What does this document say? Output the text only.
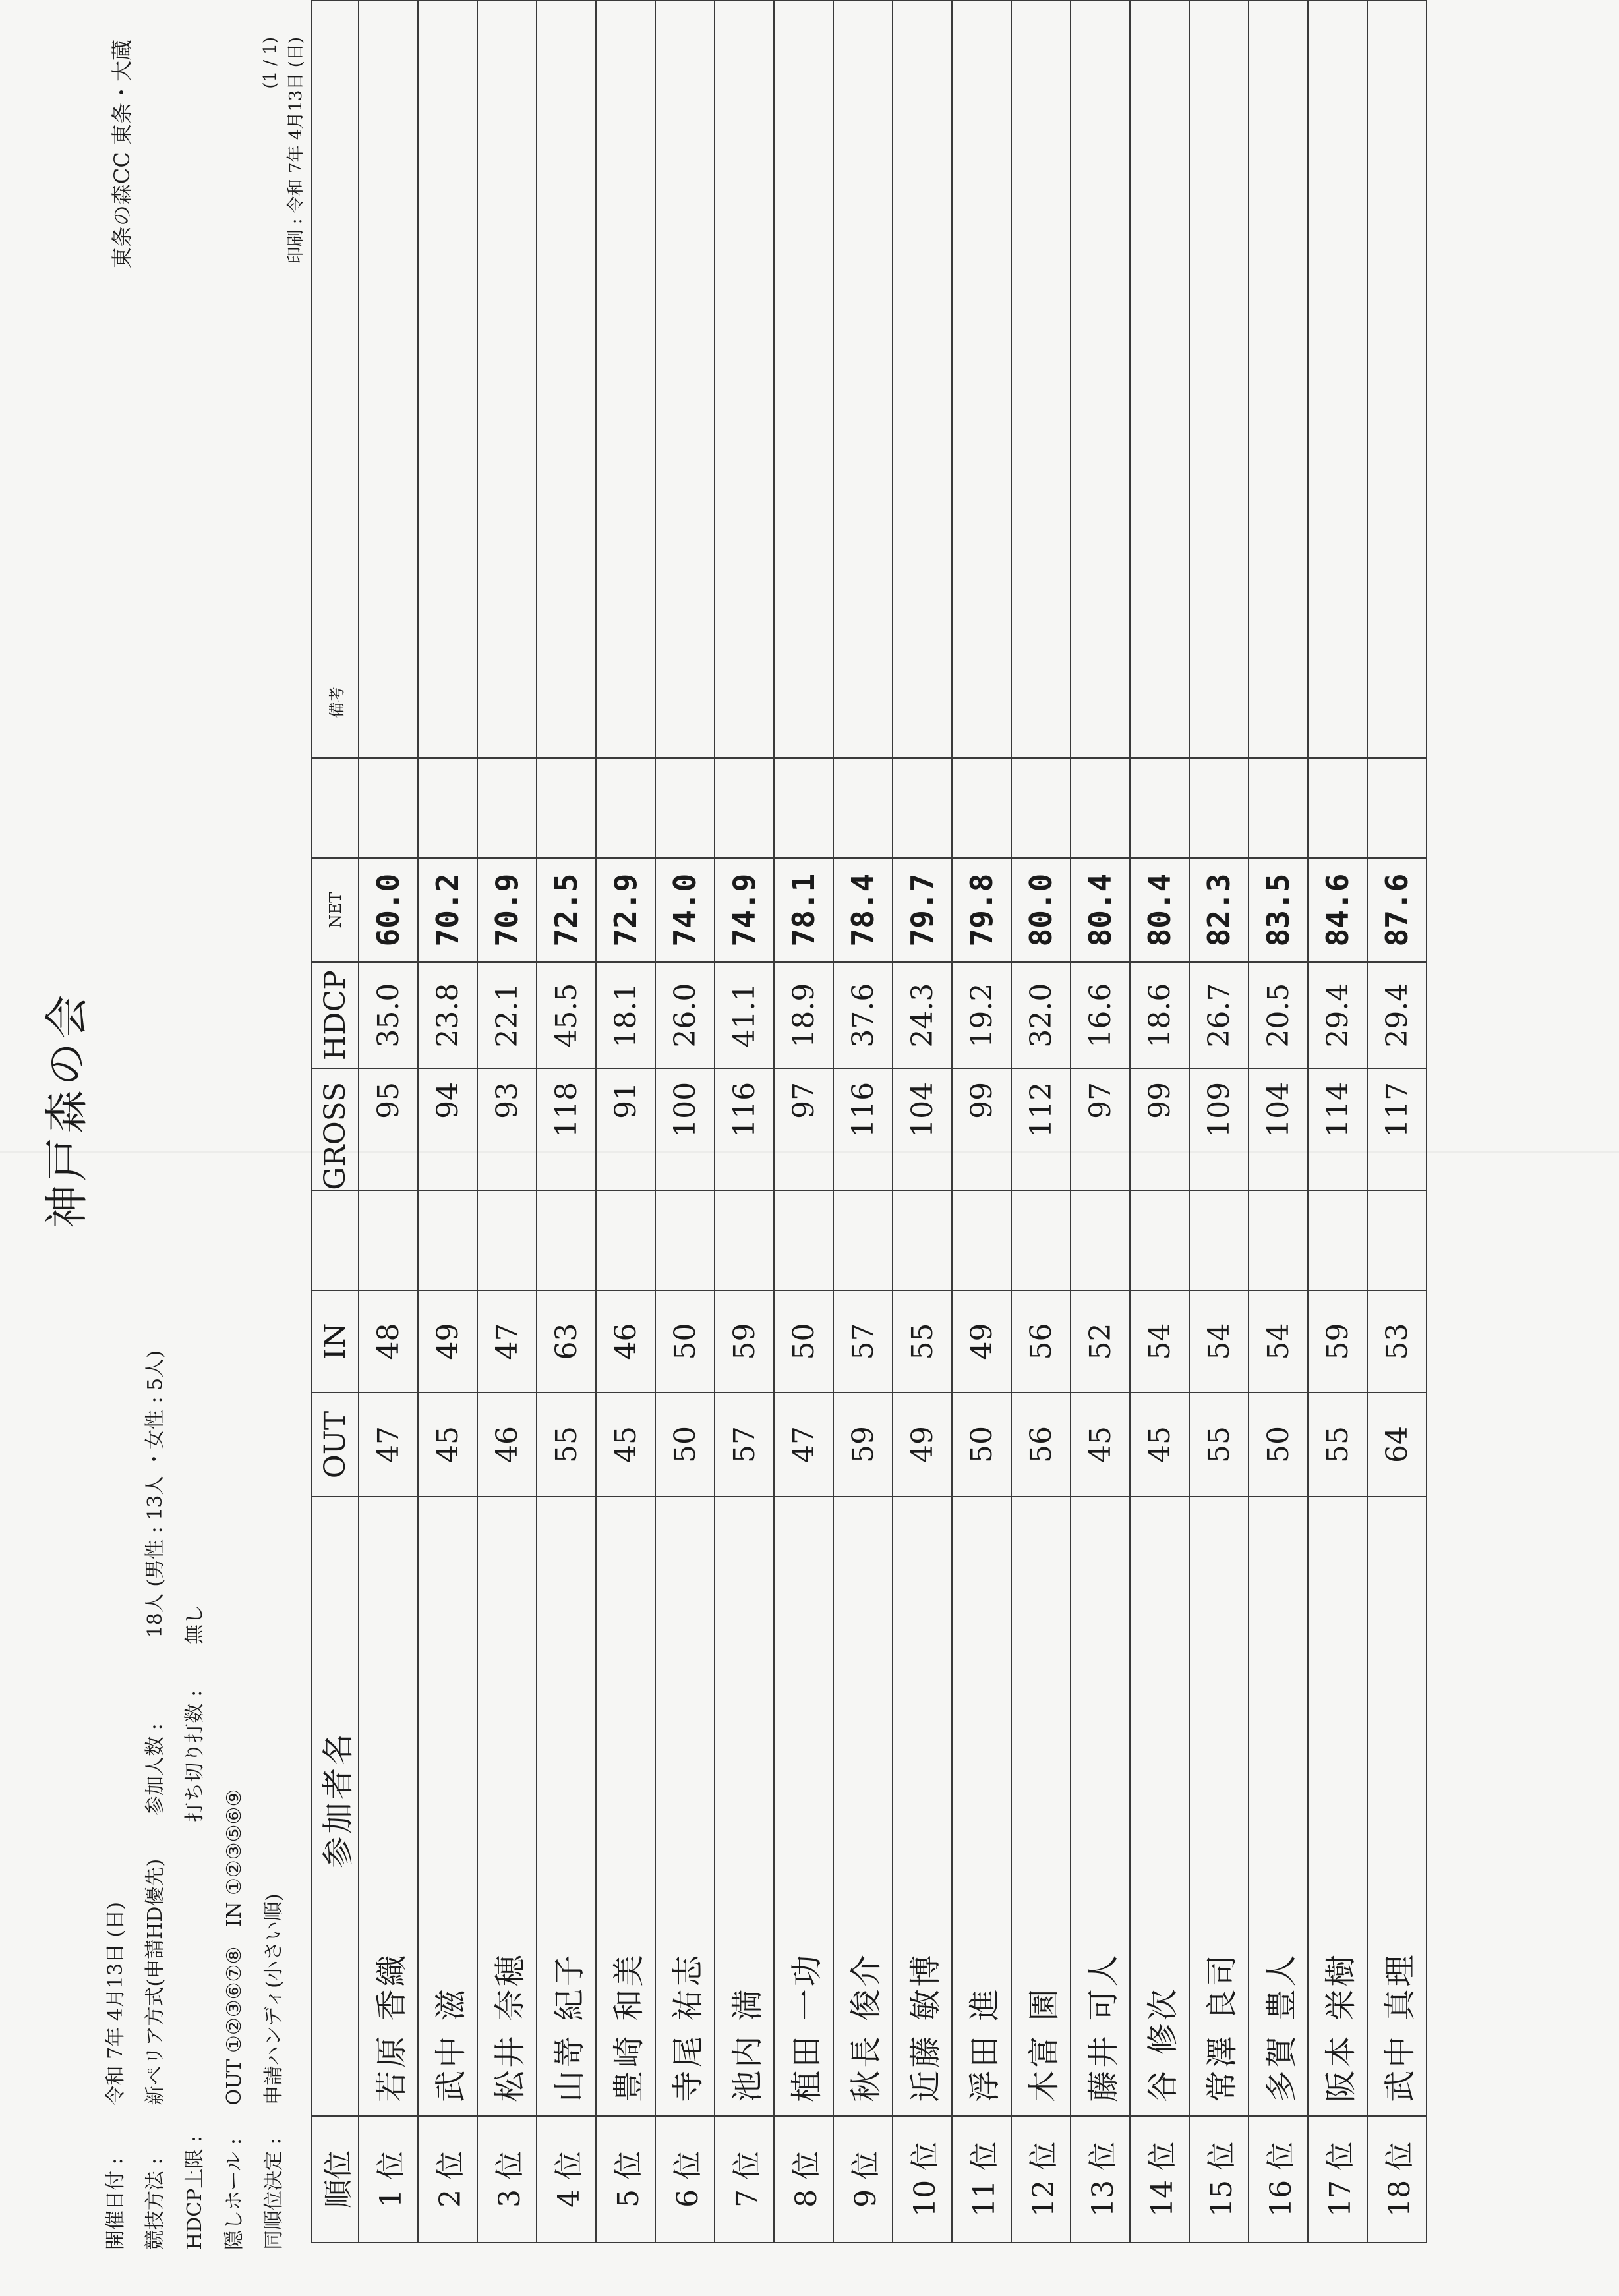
神戸森の会
東条の森CC 東条・大蔵
開催日付 : 令和 7年 4月13日 (日)
競技方法 : 新ペリア方式(申請HD優先) 参加人数 : 18人 (男性 : 13人 ・女性 : 5人)
HDCP上限 : 打ち切り打数 : 無し
隠しホール : OUT ①②③⑥⑦⑧　IN ①②③⑤⑥⑨
同順位決定 : 申請ハンディ(小さい順)
(1 / 1) 印刷 : 令和 7年 4月13日 (日)
順位	参加者名	OUT	IN		GROSS	HDCP	NET		備考
1 位	若原 香織	47	48		95	35.0	60.0		
2 位	武中 滋	45	49		94	23.8	70.2		
3 位	松井 奈穂	46	47		93	22.1	70.9		
4 位	山嵜 紀子	55	63		118	45.5	72.5		
5 位	豊崎 和美	45	46		91	18.1	72.9		
6 位	寺尾 祐志	50	50		100	26.0	74.0		
7 位	池内 満	57	59		116	41.1	74.9		
8 位	植田 一功	47	50		97	18.9	78.1		
9 位	秋長 俊介	59	57		116	37.6	78.4		
10 位	近藤 敏博	49	55		104	24.3	79.7		
11 位	浮田 進	50	49		99	19.2	79.8		
12 位	木富 園	56	56		112	32.0	80.0		
13 位	藤井 可人	45	52		97	16.6	80.4		
14 位	谷 修次	45	54		99	18.6	80.4		
15 位	常澤 良司	55	54		109	26.7	82.3		
16 位	多賀 豊人	50	54		104	20.5	83.5		
17 位	阪本 栄樹	55	59		114	29.4	84.6		
18 位	武中 真理	64	53		117	29.4	87.6		
